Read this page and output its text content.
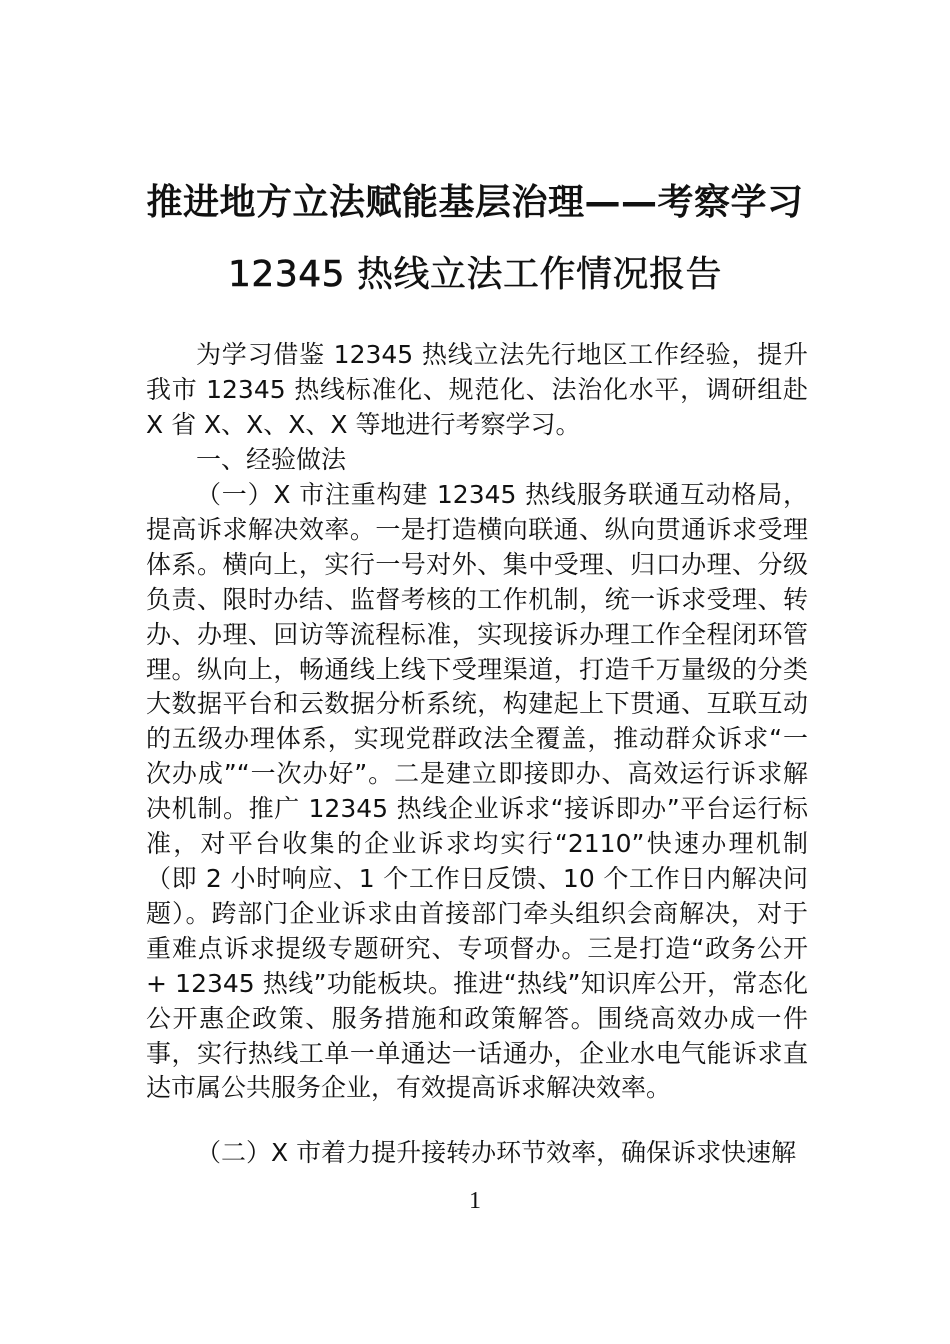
推进地方立法赋能基层治理——考察学习
12345 热线立法工作情况报告

为学习借鉴 12345 热线立法先行地区工作经验，提升我市 12345 热线标准化、规范化、法治化水平，调研组赴 X 省 X、X、X、X 等地进行考察学习。

一、经验做法

（一）X 市注重构建 12345 热线服务联通互动格局，提高诉求解决效率。一是打造横向联通、纵向贯通诉求受理体系。横向上，实行一号对外、集中受理、归口办理、分级负责、限时办结、监督考核的工作机制，统一诉求受理、转办、办理、回访等流程标准，实现接诉办理工作全程闭环管理。纵向上，畅通线上线下受理渠道，打造千万量级的分类大数据平台和云数据分析系统，构建起上下贯通、互联互动的五级办理体系，实现党群政法全覆盖，推动群众诉求“一次办成”“一次办好”。二是建立即接即办、高效运行诉求解决机制。推广 12345 热线企业诉求“接诉即办”平台运行标准，对平台收集的企业诉求均实行“2110”快速办理机制（即 2 小时响应、1 个工作日反馈、10 个工作日内解决问题）。跨部门企业诉求由首接部门牵头组织会商解决，对于重难点诉求提级专题研究、专项督办。三是打造“政务公开 + 12345 热线”功能板块。推进“热线”知识库公开，常态化公开惠企政策、服务措施和政策解答。围绕高效办成一件事，实行热线工单一单通达一话通办，企业水电气能诉求直达市属公共服务企业，有效提高诉求解决效率。

（二）X 市着力提升接转办环节效率，确保诉求快速解

1
